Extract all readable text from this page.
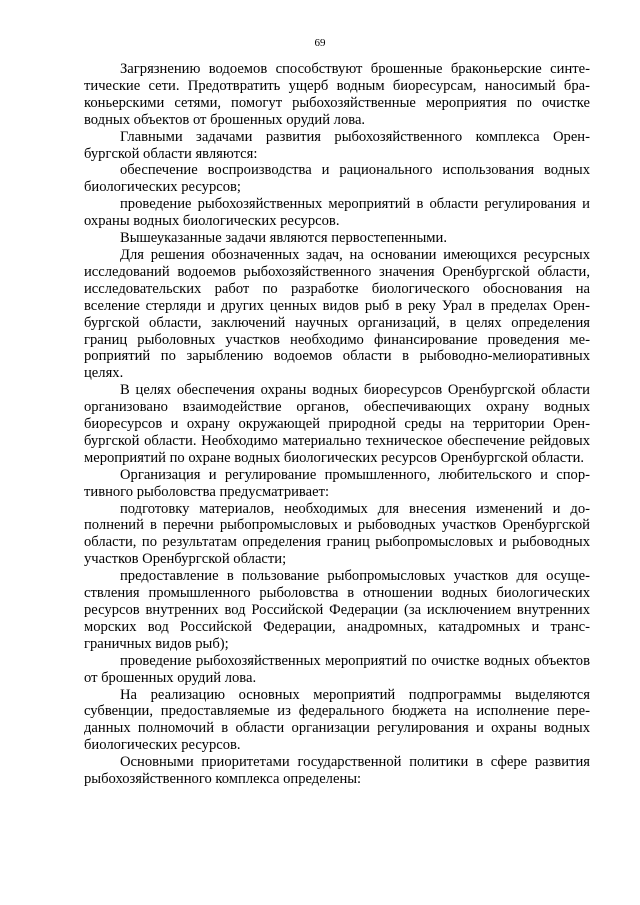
69

Загрязнению водоемов способствуют брошенные браконьерские синтетические сети. Предотвратить ущерб водным биоресурсам, наносимый браконьерскими сетями, помогут рыбохозяйственные мероприятия по очистке водных объектов от брошенных орудий лова.

Главными задачами развития рыбохозяйственного комплекса Оренбургской области являются:

обеспечение воспроизводства и рационального использования водных биологических ресурсов;

проведение рыбохозяйственных мероприятий в области регулирования и охраны водных биологических ресурсов.

Вышеуказанные задачи являются первостепенными.

Для решения обозначенных задач, на основании имеющихся ресурсных исследований водоемов рыбохозяйственного значения Оренбургской области, исследовательских работ по разработке биологического обоснования на вселение стерляди и других ценных видов рыб в реку Урал в пределах Оренбургской области, заключений научных организаций, в целях определения границ рыболовных участков необходимо финансирование проведения мероприятий по зарыблению водоемов области в рыбоводно-мелиоративных целях.

В целях обеспечения охраны водных биоресурсов Оренбургской области организовано взаимодействие органов, обеспечивающих охрану водных биоресурсов и охрану окружающей природной среды на территории Оренбургской области. Необходимо материально техническое обеспечение рейдовых мероприятий по охране водных биологических ресурсов Оренбургской области.

Организация и регулирование промышленного, любительского и спортивного рыболовства предусматривает:

подготовку материалов, необходимых для внесения изменений и дополнений в перечни рыбопромысловых и рыбоводных участков Оренбургской области, по результатам определения границ рыбопромысловых и рыбоводных участков Оренбургской области;

предоставление в пользование рыбопромысловых участков для осуществления промышленного рыболовства в отношении водных биологических ресурсов внутренних вод Российской Федерации (за исключением внутренних морских вод Российской Федерации, анадромных, катадромных и трансграничных видов рыб);

проведение рыбохозяйственных мероприятий по очистке водных объектов от брошенных орудий лова.

На реализацию основных мероприятий подпрограммы выделяются субвенции, предоставляемые из федерального бюджета на исполнение переданных полномочий в области организации регулирования и охраны водных биологических ресурсов.

Основными приоритетами государственной политики в сфере развития рыбохозяйственного комплекса определены:
